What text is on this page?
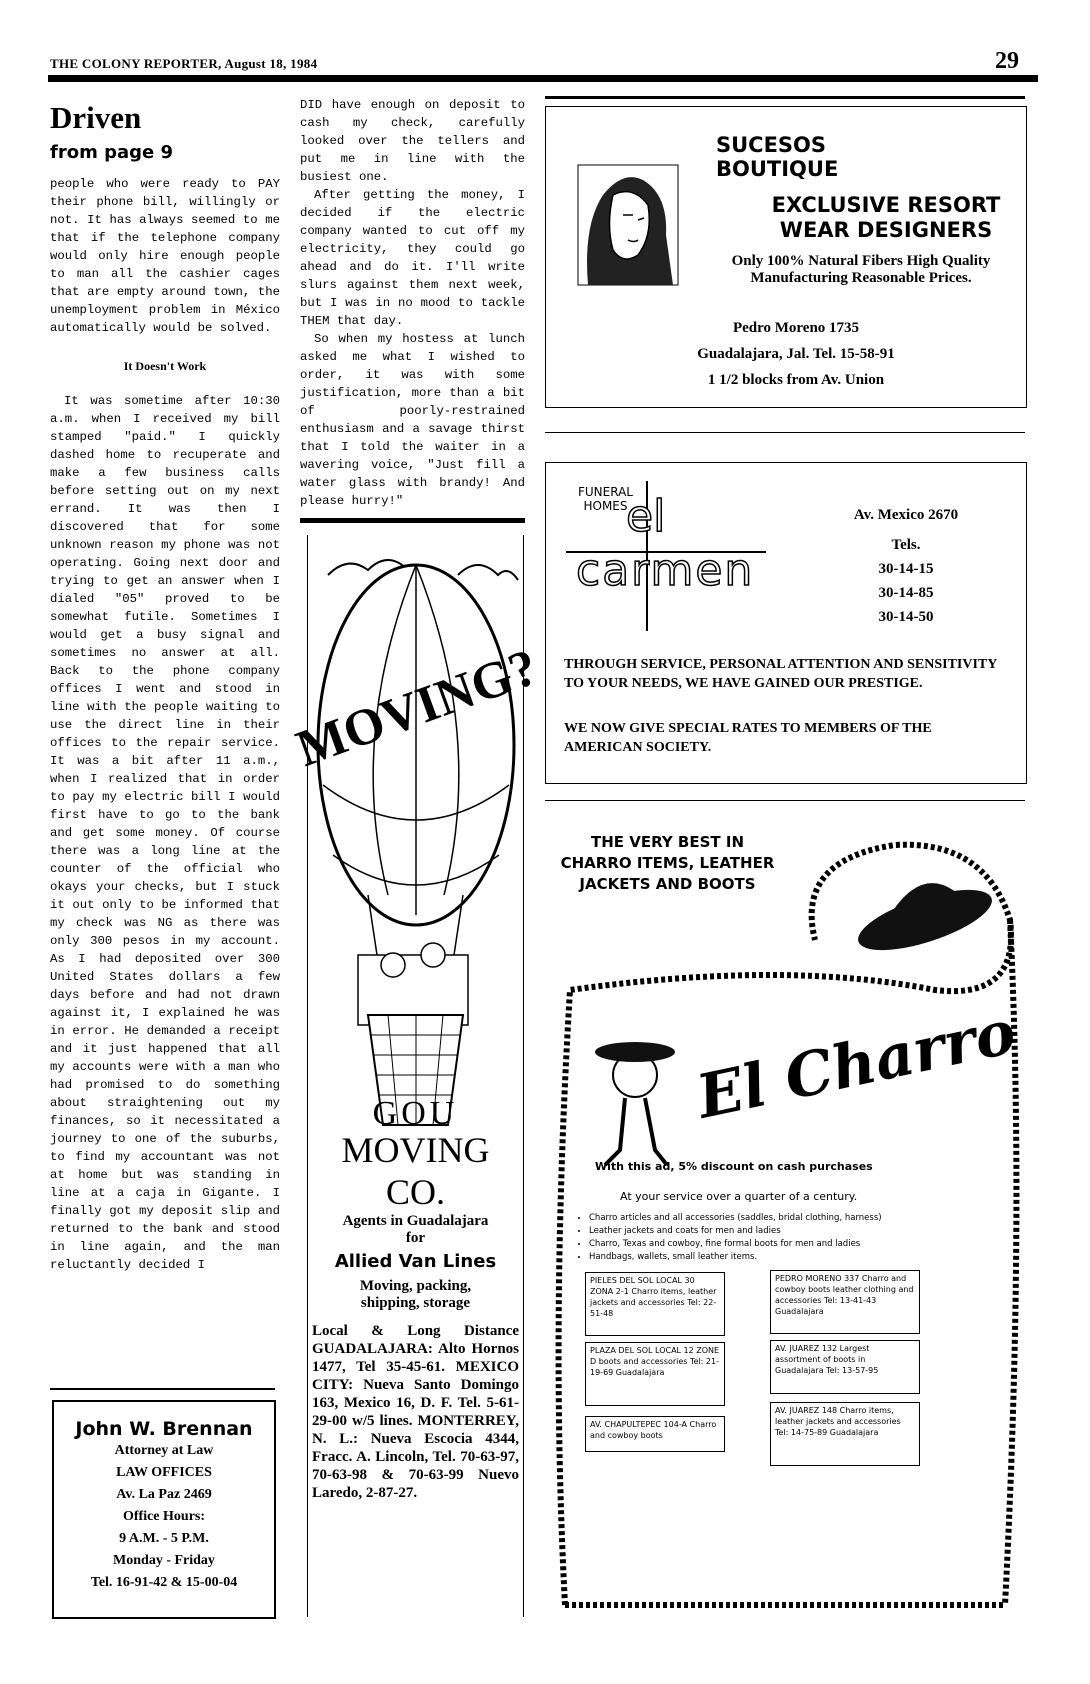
THE COLONY REPORTER, August 18, 1984	29
Driven
from page 9

people who were ready to PAY their phone bill, willingly or not. It has always seemed to me that if the telephone company would only hire enough people to man all the cashier cages that are empty around town, the unemployment problem in México automatically would be solved.

It Doesn't Work

It was sometime after 10:30 a.m. when I received my bill stamped "paid." I quickly dashed home to recuperate and make a few business calls before setting out on my next errand. It was then I discovered that for some unknown reason my phone was not operating. Going next door and trying to get an answer when I dialed "05" proved to be somewhat futile. Sometimes I would get a busy signal and sometimes no answer at all. Back to the phone company offices I went and stood in line with the people waiting to use the direct line in their offices to the repair service. It was a bit after 11 a.m., when I realized that in order to pay my electric bill I would first have to go to the bank and get some money. Of course there was a long line at the counter of the official who okays your checks, but I stuck it out only to be informed that my check was NG as there was only 300 pesos in my account. As I had deposited over 300 United States dollars a few days before and had not drawn against it, I explained he was in error. He demanded a receipt and it just happened that all my accounts were with a man who had promised to do something about straightening out my finances, so it necessitated a journey to one of the suburbs, to find my accountant was not at home but was standing in line at a caja in Gigante. I finally got my deposit slip and returned to the bank and stood in line again, and the man reluctantly decided I

John W. Brennan
Attorney at Law
LAW OFFICES
Av. La Paz 2469
Office Hours:
9 A.M. - 5 P.M.
Monday - Friday
Tel. 16-91-42 & 15-00-04

DID have enough on deposit to cash my check, carefully looked over the tellers and put me in line with the busiest one.

After getting the money, I decided if the electric company wanted to cut off my electricity, they could go ahead and do it. I'll write slurs against them next week, but I was in no mood to tackle THEM that day.

So when my hostess at lunch asked me what I wished to order, it was with some justification, more than a bit of poorly-restrained enthusiasm and a savage thirst that I told the waiter in a wavering voice, "Just fill a water glass with brandy! And please hurry!"

MOVING?
GOU
MOVING CO.
Agents in Guadalajara
for
Allied Van Lines
Moving, packing,
shipping, storage
Local & Long Distance GUADALAJARA: Alto Hornos 1477, Tel 35-45-61. MEXICO CITY: Nueva Santo Domingo 163, Mexico 16, D. F. Tel. 5-61-29-00 w/5 lines. MONTERREY, N. L.: Nueva Escocia 4344, Fracc. A. Lincoln, Tel. 70-63-97, 70-63-98 & 70-63-99 Nuevo Laredo, 2-87-27.
SUCESOS
BOUTIQUE
EXCLUSIVE RESORT
WEAR DESIGNERS
Only 100% Natural Fibers High Quality Manufacturing Reasonable Prices.
Pedro Moreno 1735
Guadalajara, Jal. Tel. 15-58-91
1 1/2 blocks from Av. Union
FUNERAL
HOMES
el
carmen
Av. Mexico 2670
Tels.
30-14-15
30-14-85
30-14-50
THROUGH SERVICE, PERSONAL ATTENTION AND SENSITIVITY TO YOUR NEEDS, WE HAVE GAINED OUR PRESTIGE.
WE NOW GIVE SPECIAL RATES TO MEMBERS OF THE AMERICAN SOCIETY.
THE VERY BEST IN CHARRO ITEMS, LEATHER JACKETS AND BOOTS
El Charro
With this ad, 5% discount on cash purchases
At your service over a quarter of a century.
• Charro articles and all accessories (saddles, bridal clothing, harness)
• Leather jackets and coats for men and ladies
• Charro, Texas and cowboy, fine formal boots for men and ladies
• Handbags, wallets, small leather items.
PIELES DEL SOL LOCAL 30 ZONA 2-1 Charro items, leather jackets and accessories Tel: 22-51-48
PLAZA DEL SOL LOCAL 12 ZONE D boots and accessories Tel: 21-19-69 Guadalajara
AV. CHAPULTEPEC 104-A Charro and cowboy boots
PEDRO MORENO 337 Charro and cowboy boots leather clothing and accessories Tel: 13-41-43 Guadalajara
AV. JUAREZ 132 Largest assortment of boots in Guadalajara Tel: 13-57-95
AV. JUAREZ 148 Charro items, leather jackets and accessories Tel: 14-75-89 Guadalajara
